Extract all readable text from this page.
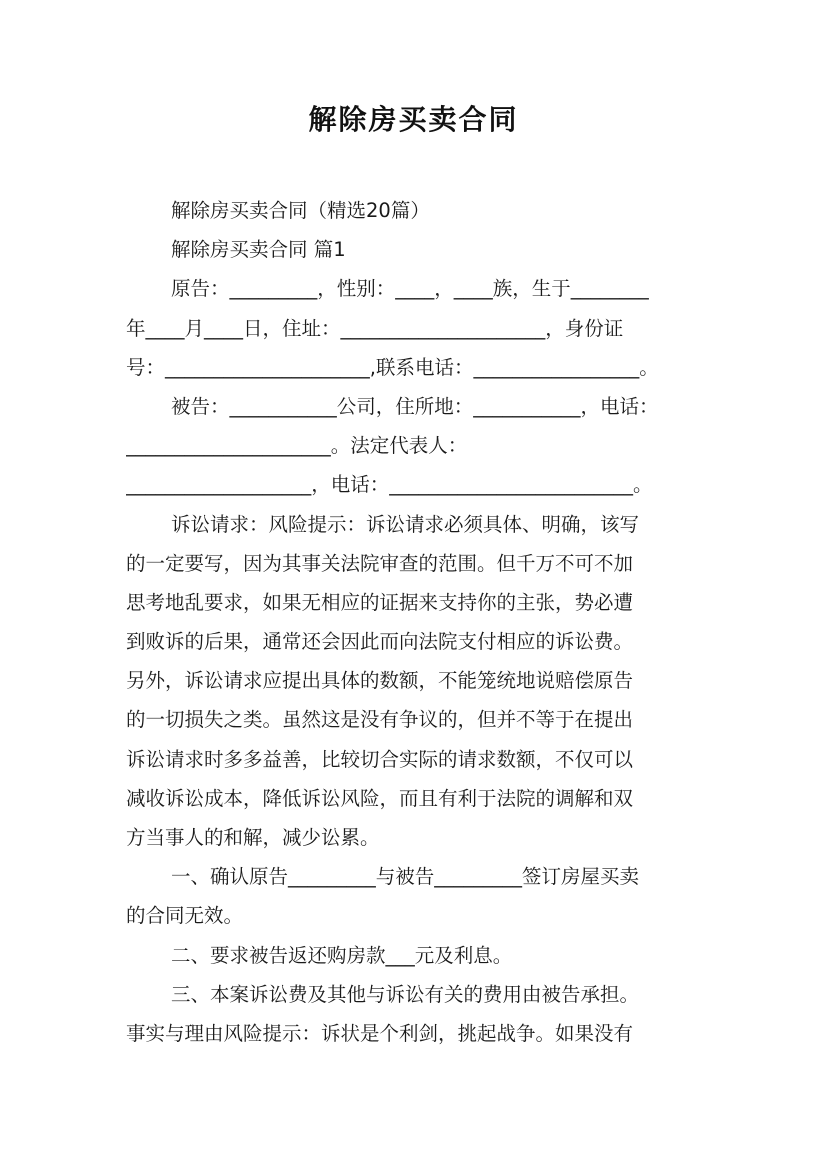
解除房买卖合同
解除房买卖合同（精选20篇）
解除房买卖合同 篇1
原告：_________，性别：____，____族，生于________
年____月____日，住址：_____________________，身份证
号：_____________________,联系电话：_________________。
被告：___________公司，住所地：___________，电话：
_____________________。法定代表人：
___________________，电话：_________________________。
诉讼请求：风险提示：诉讼请求必须具体、明确，该写
的一定要写，因为其事关法院审查的范围。但千万不可不加
思考地乱要求，如果无相应的证据来支持你的主张，势必遭
到败诉的后果，通常还会因此而向法院支付相应的诉讼费。
另外，诉讼请求应提出具体的数额，不能笼统地说赔偿原告
的一切损失之类。虽然这是没有争议的，但并不等于在提出
诉讼请求时多多益善，比较切合实际的请求数额，不仅可以
减收诉讼成本，降低诉讼风险，而且有利于法院的调解和双
方当事人的和解，减少讼累。
一、确认原告_________与被告_________签订房屋买卖
的合同无效。
二、要求被告返还购房款___元及利息。
三、本案诉讼费及其他与诉讼有关的费用由被告承担。
事实与理由风险提示：诉状是个利剑，挑起战争。如果没有
